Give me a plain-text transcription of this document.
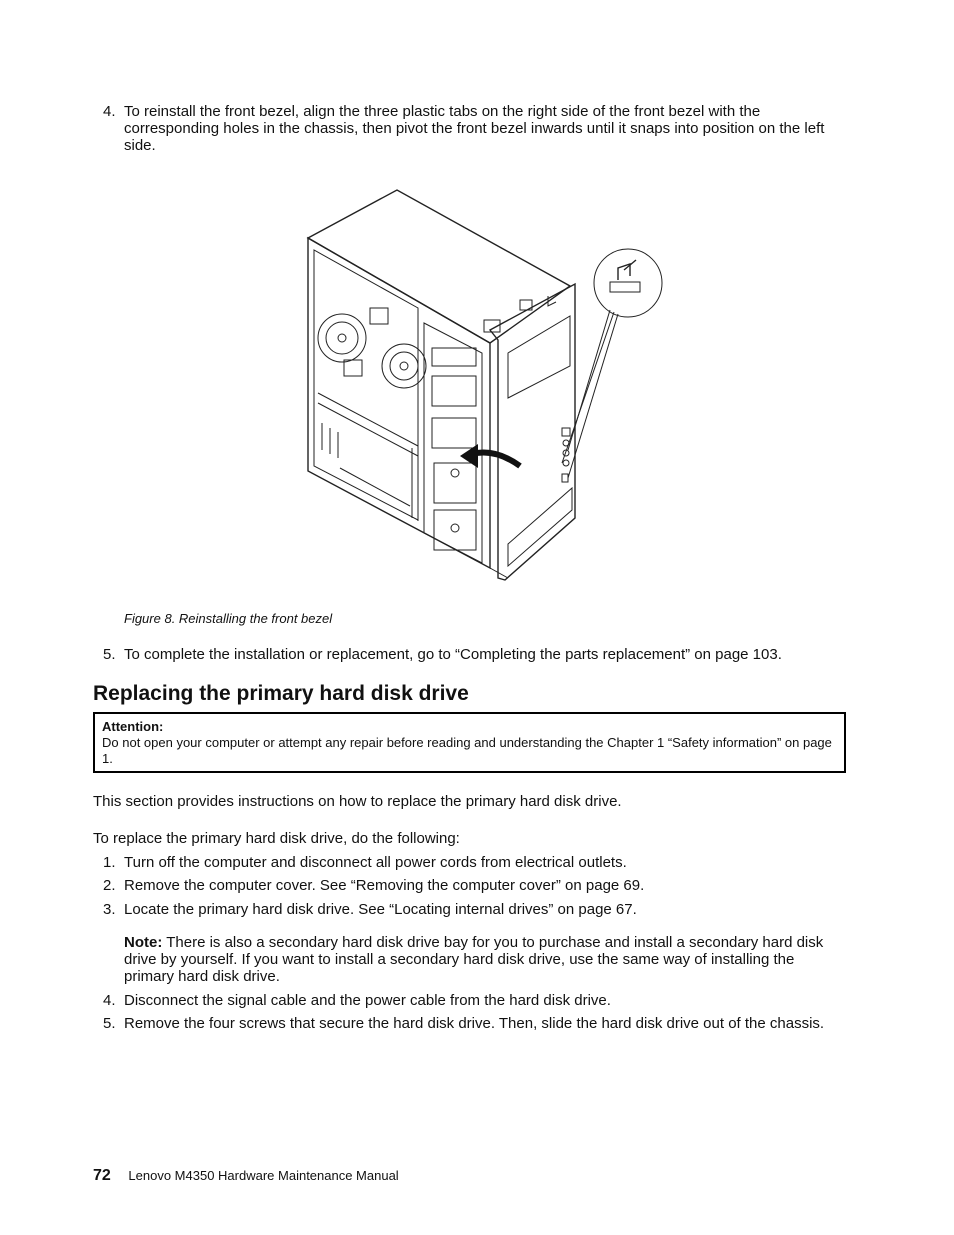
4. To reinstall the front bezel, align the three plastic tabs on the right side of the front bezel with the corresponding holes in the chassis, then pivot the front bezel inwards until it snaps into position on the left side.
Figure 8. Reinstalling the front bezel
5. To complete the installation or replacement, go to “Completing the parts replacement” on page 103.
Replacing the primary hard disk drive
Attention:
Do not open your computer or attempt any repair before reading and understanding the Chapter 1 “Safety information” on page 1.
This section provides instructions on how to replace the primary hard disk drive.
To replace the primary hard disk drive, do the following:
1. Turn off the computer and disconnect all power cords from electrical outlets.
2. Remove the computer cover. See “Removing the computer cover” on page 69.
3. Locate the primary hard disk drive. See “Locating internal drives” on page 67.
Note: There is also a secondary hard disk drive bay for you to purchase and install a secondary hard disk drive by yourself. If you want to install a secondary hard disk drive, use the same way of installing the primary hard disk drive.
4. Disconnect the signal cable and the power cable from the hard disk drive.
5. Remove the four screws that secure the hard disk drive. Then, slide the hard disk drive out of the chassis.
72 Lenovo M4350 Hardware Maintenance Manual
